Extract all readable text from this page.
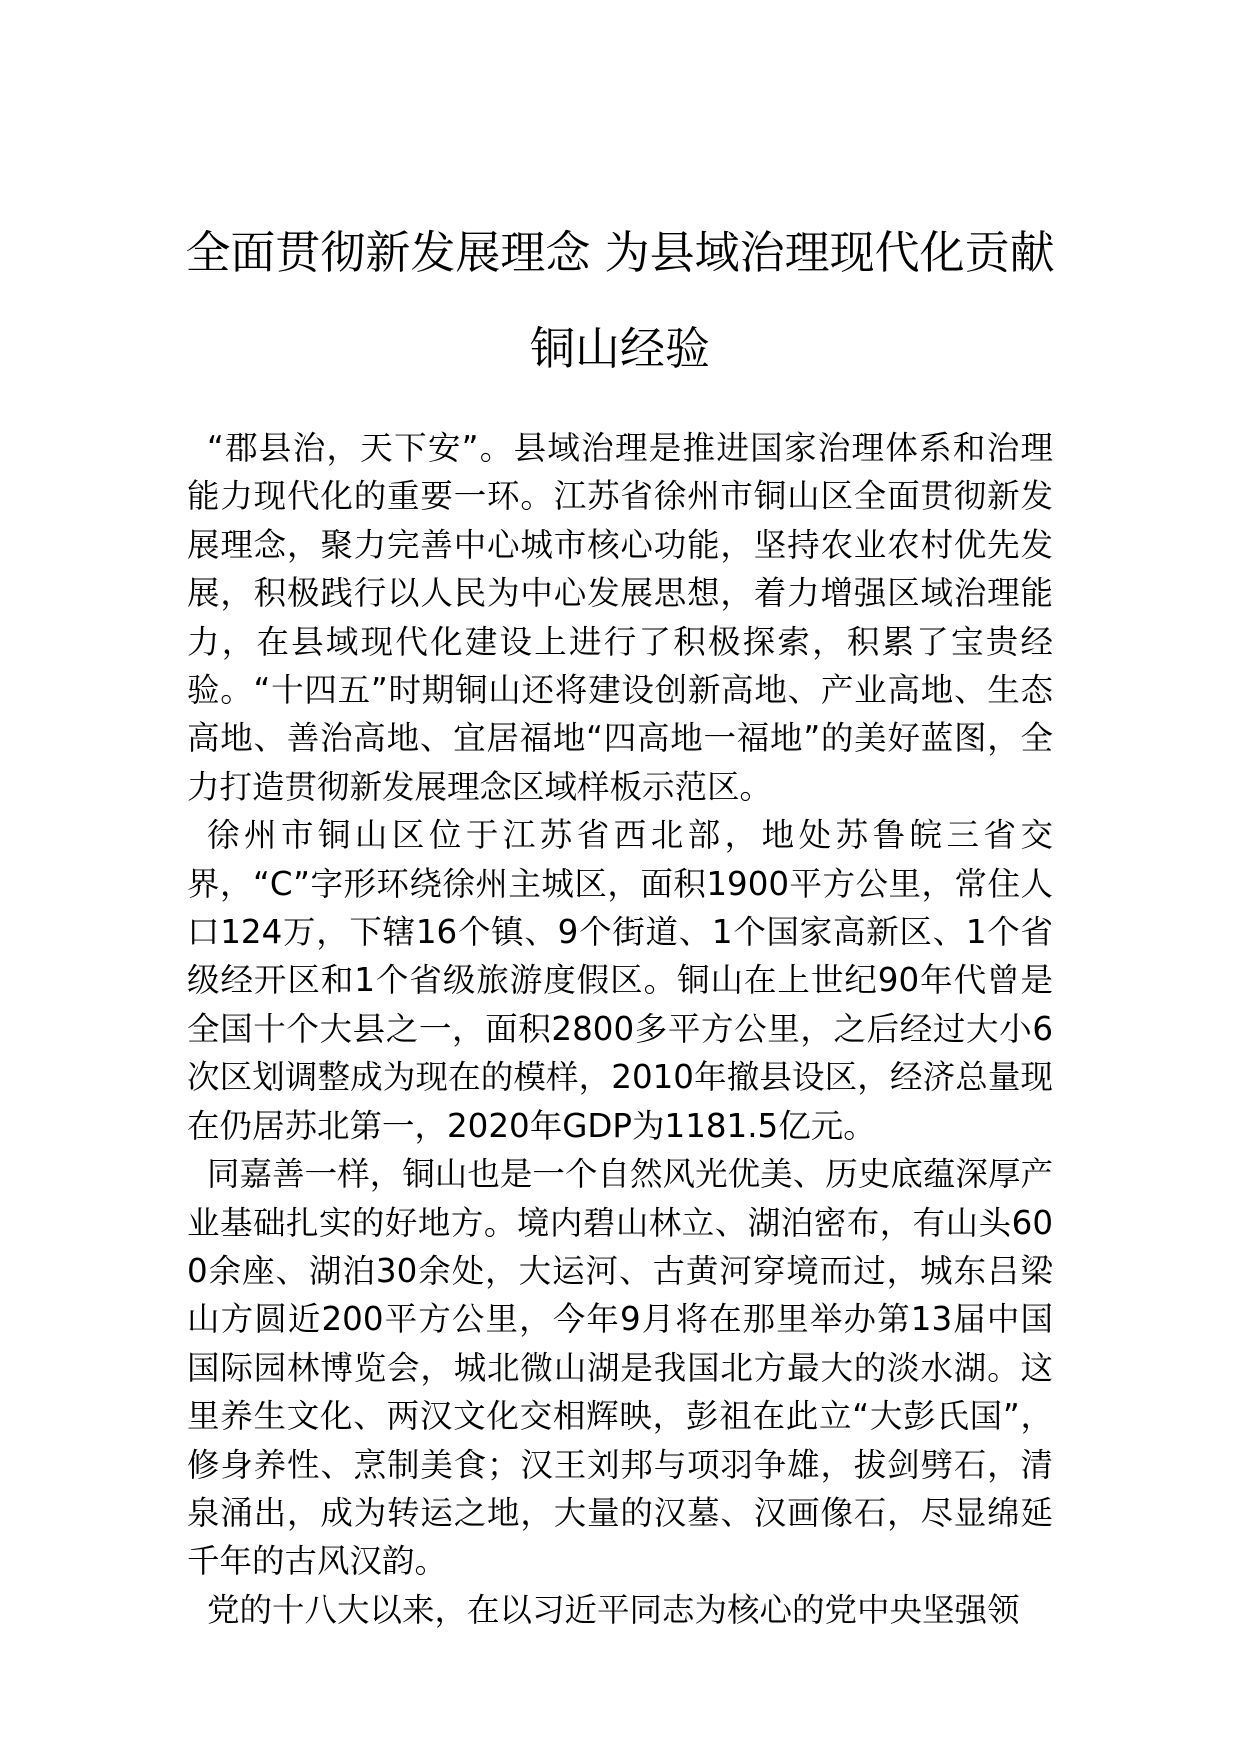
全面贯彻新发展理念 为县域治理现代化贡献铜山经验

“郡县治，天下安”。县域治理是推进国家治理体系和治理能力现代化的重要一环。江苏省徐州市铜山区全面贯彻新发展理念，聚力完善中心城市核心功能，坚持农业农村优先发展，积极践行以人民为中心发展思想，着力增强区域治理能力，在县域现代化建设上进行了积极探索，积累了宝贵经验。“十四五”时期铜山还将建设创新高地、产业高地、生态高地、善治高地、宜居福地“四高地一福地”的美好蓝图，全力打造贯彻新发展理念区域样板示范区。

徐州市铜山区位于江苏省西北部，地处苏鲁皖三省交界，“C”字形环绕徐州主城区，面积1900平方公里，常住人口124万，下辖16个镇、9个街道、1个国家高新区、1个省级经开区和1个省级旅游度假区。铜山在上世纪90年代曾是全国十个大县之一，面积2800多平方公里，之后经过大小6次区划调整成为现在的模样，2010年撤县设区，经济总量现在仍居苏北第一，2020年GDP为1181.5亿元。

同嘉善一样，铜山也是一个自然风光优美、历史底蕴深厚产业基础扎实的好地方。境内碧山林立、湖泊密布，有山头600余座、湖泊30余处，大运河、古黄河穿境而过，城东吕梁山方圆近200平方公里，今年9月将在那里举办第13届中国国际园林博览会，城北微山湖是我国北方最大的淡水湖。这里养生文化、两汉文化交相辉映，彭祖在此立“大彭氏国”，修身养性、烹制美食；汉王刘邦与项羽争雄，拔剑劈石，清泉涌出，成为转运之地，大量的汉墓、汉画像石，尽显绵延千年的古风汉韵。

党的十八大以来，在以习近平同志为核心的党中央坚强领
